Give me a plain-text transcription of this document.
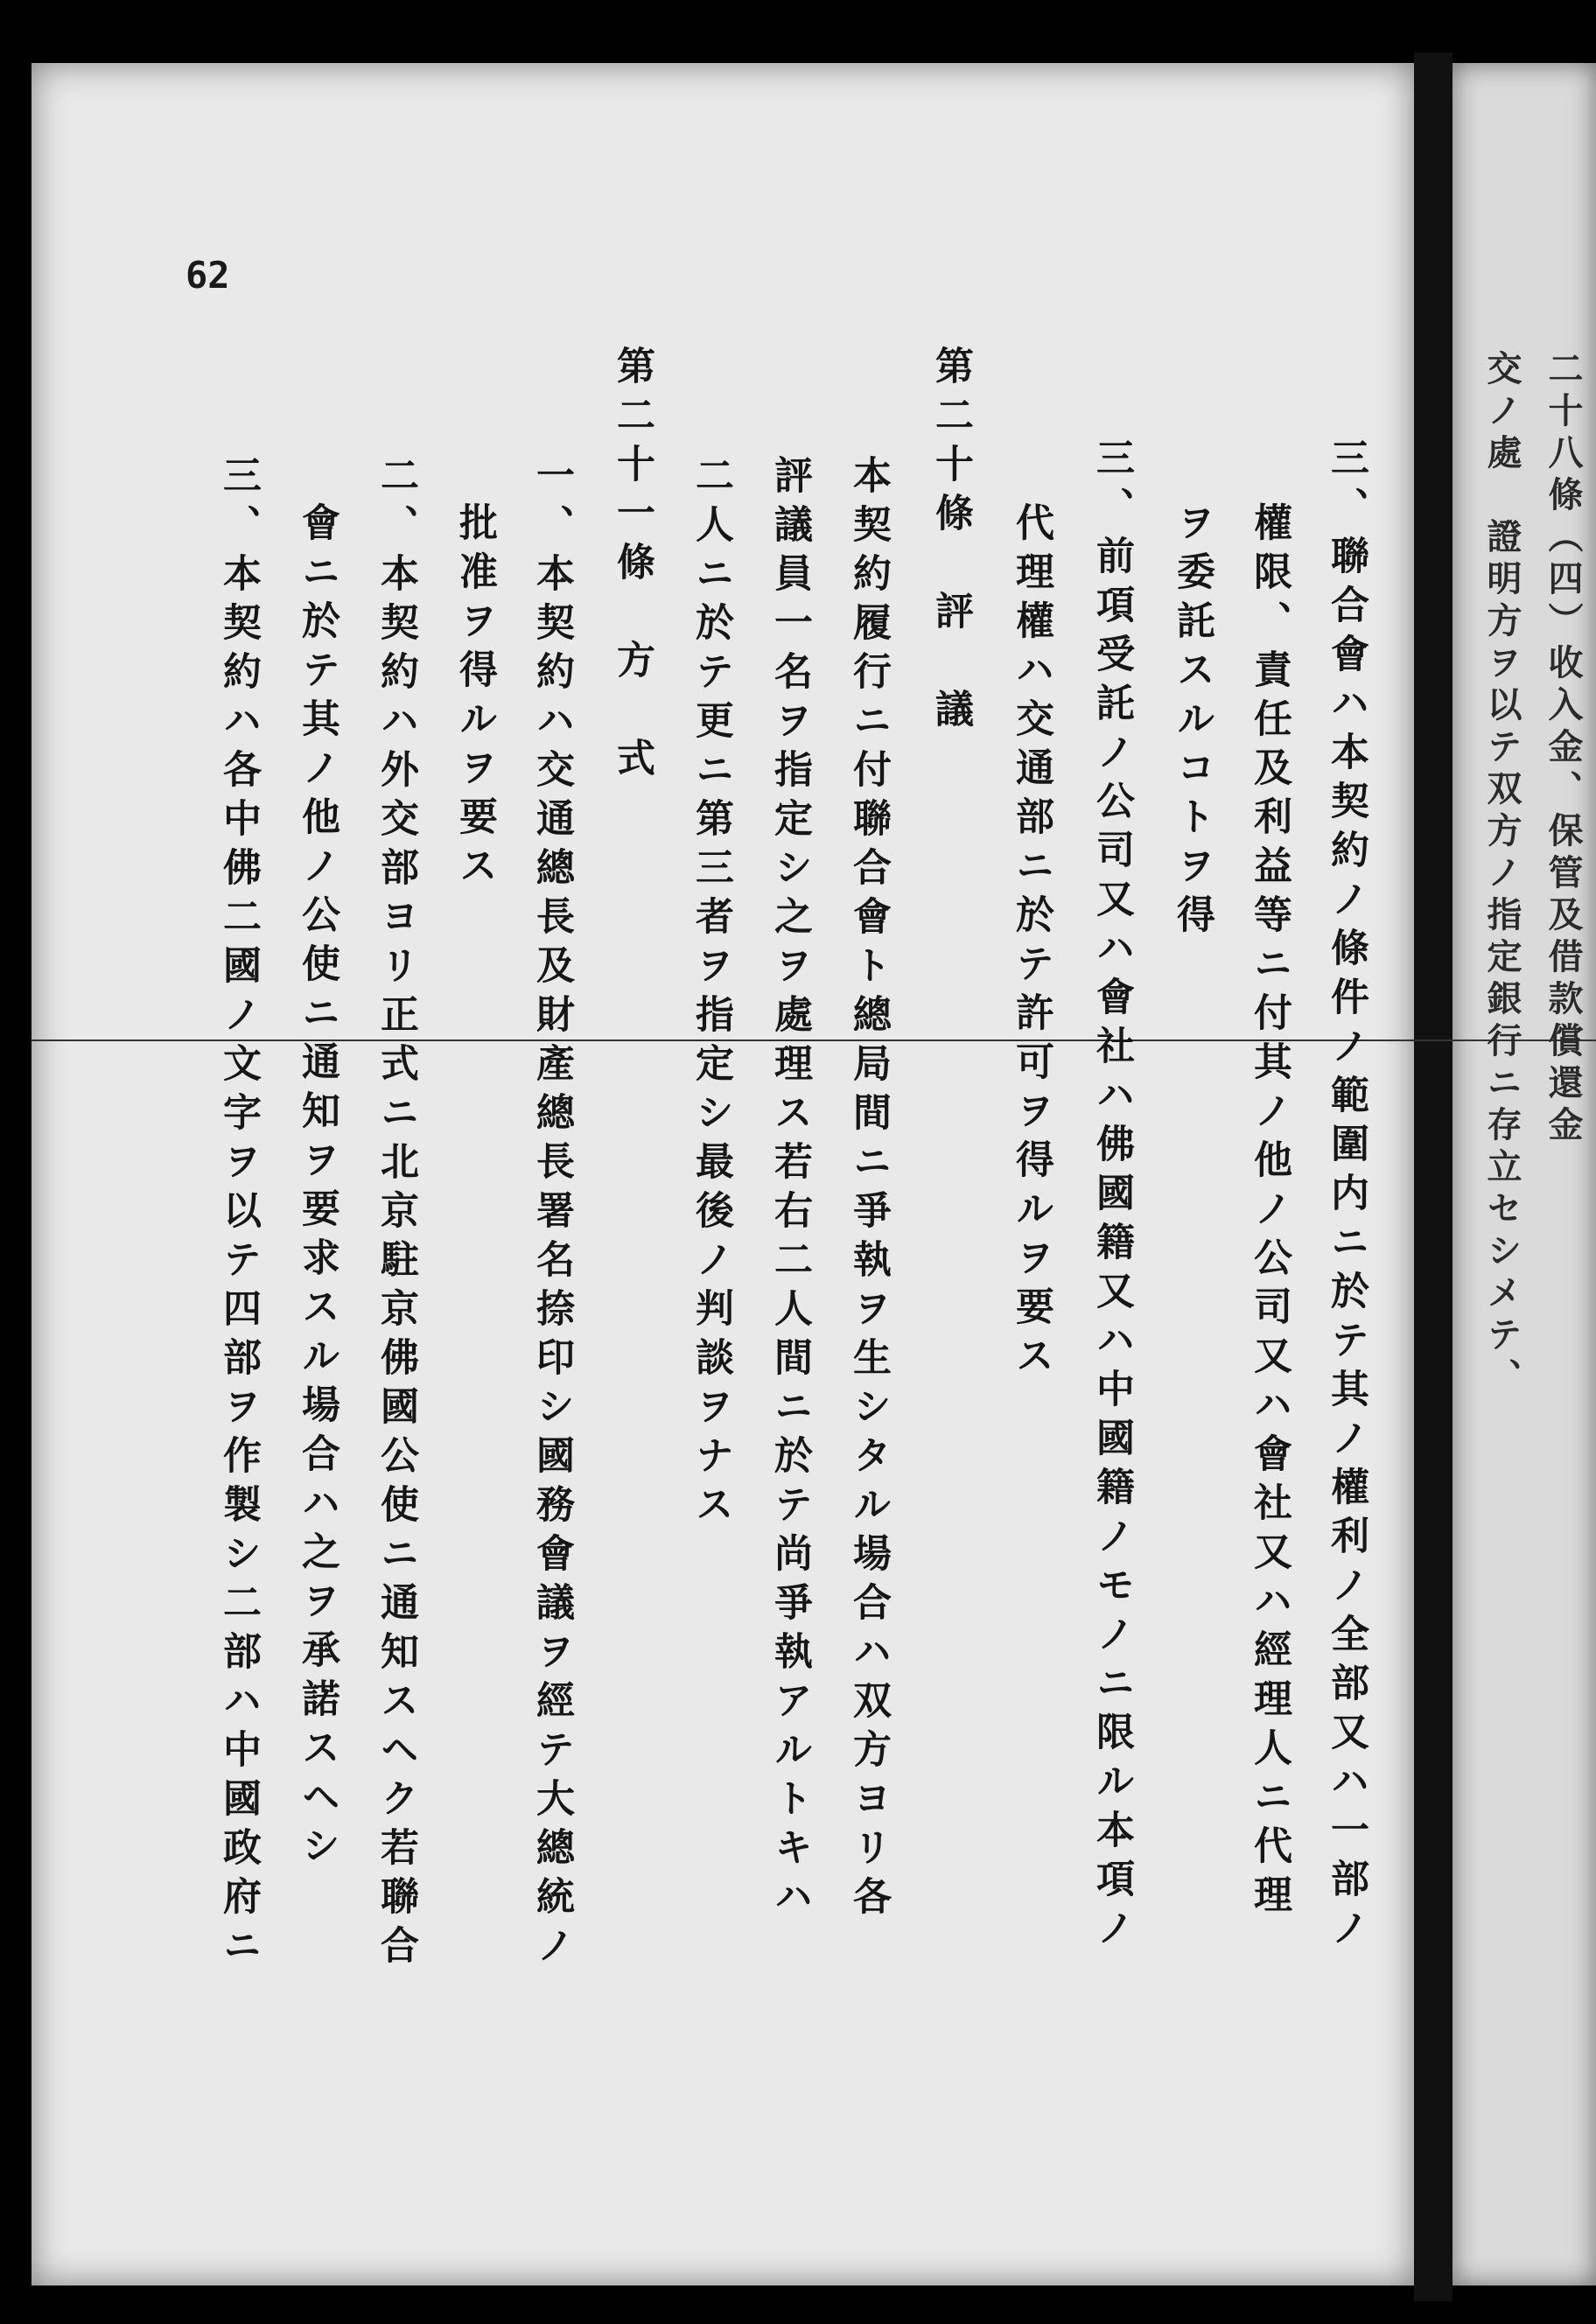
62
三、聯合會ハ本契約ノ條件ノ範圍内ニ於テ其ノ權利ノ全部又ハ一部ノ
權限、責任及利益等ニ付其ノ他ノ公司又ハ會社又ハ經理人ニ代理
ヲ委託スルコトヲ得
三、前項受託ノ公司又ハ會社ハ佛國籍又ハ中國籍ノモノニ限ル本項ノ
代理權ハ交通部ニ於テ許可ヲ得ルヲ要ス
第二十條　評　議
本契約履行ニ付聯合會ト總局間ニ爭執ヲ生シタル場合ハ双方ヨリ各
評議員一名ヲ指定シ之ヲ處理ス若右二人間ニ於テ尚爭執アルトキハ
二人ニ於テ更ニ第三者ヲ指定シ最後ノ判談ヲナス
第二十一條　方　式
一、本契約ハ交通總長及財產總長署名捺印シ國務會議ヲ經テ大總統ノ
批准ヲ得ルヲ要ス
二、本契約ハ外交部ヨリ正式ニ北京駐京佛國公使ニ通知スヘク若聯合
會ニ於テ其ノ他ノ公使ニ通知ヲ要求スル場合ハ之ヲ承諾スヘシ
三、本契約ハ各中佛二國ノ文字ヲ以テ四部ヲ作製シ二部ハ中國政府ニ	二十八條（四）收入金、保管及借款償還金
交ノ處　證明方ヲ以テ双方ノ指定銀行ニ存立セシメテ、
